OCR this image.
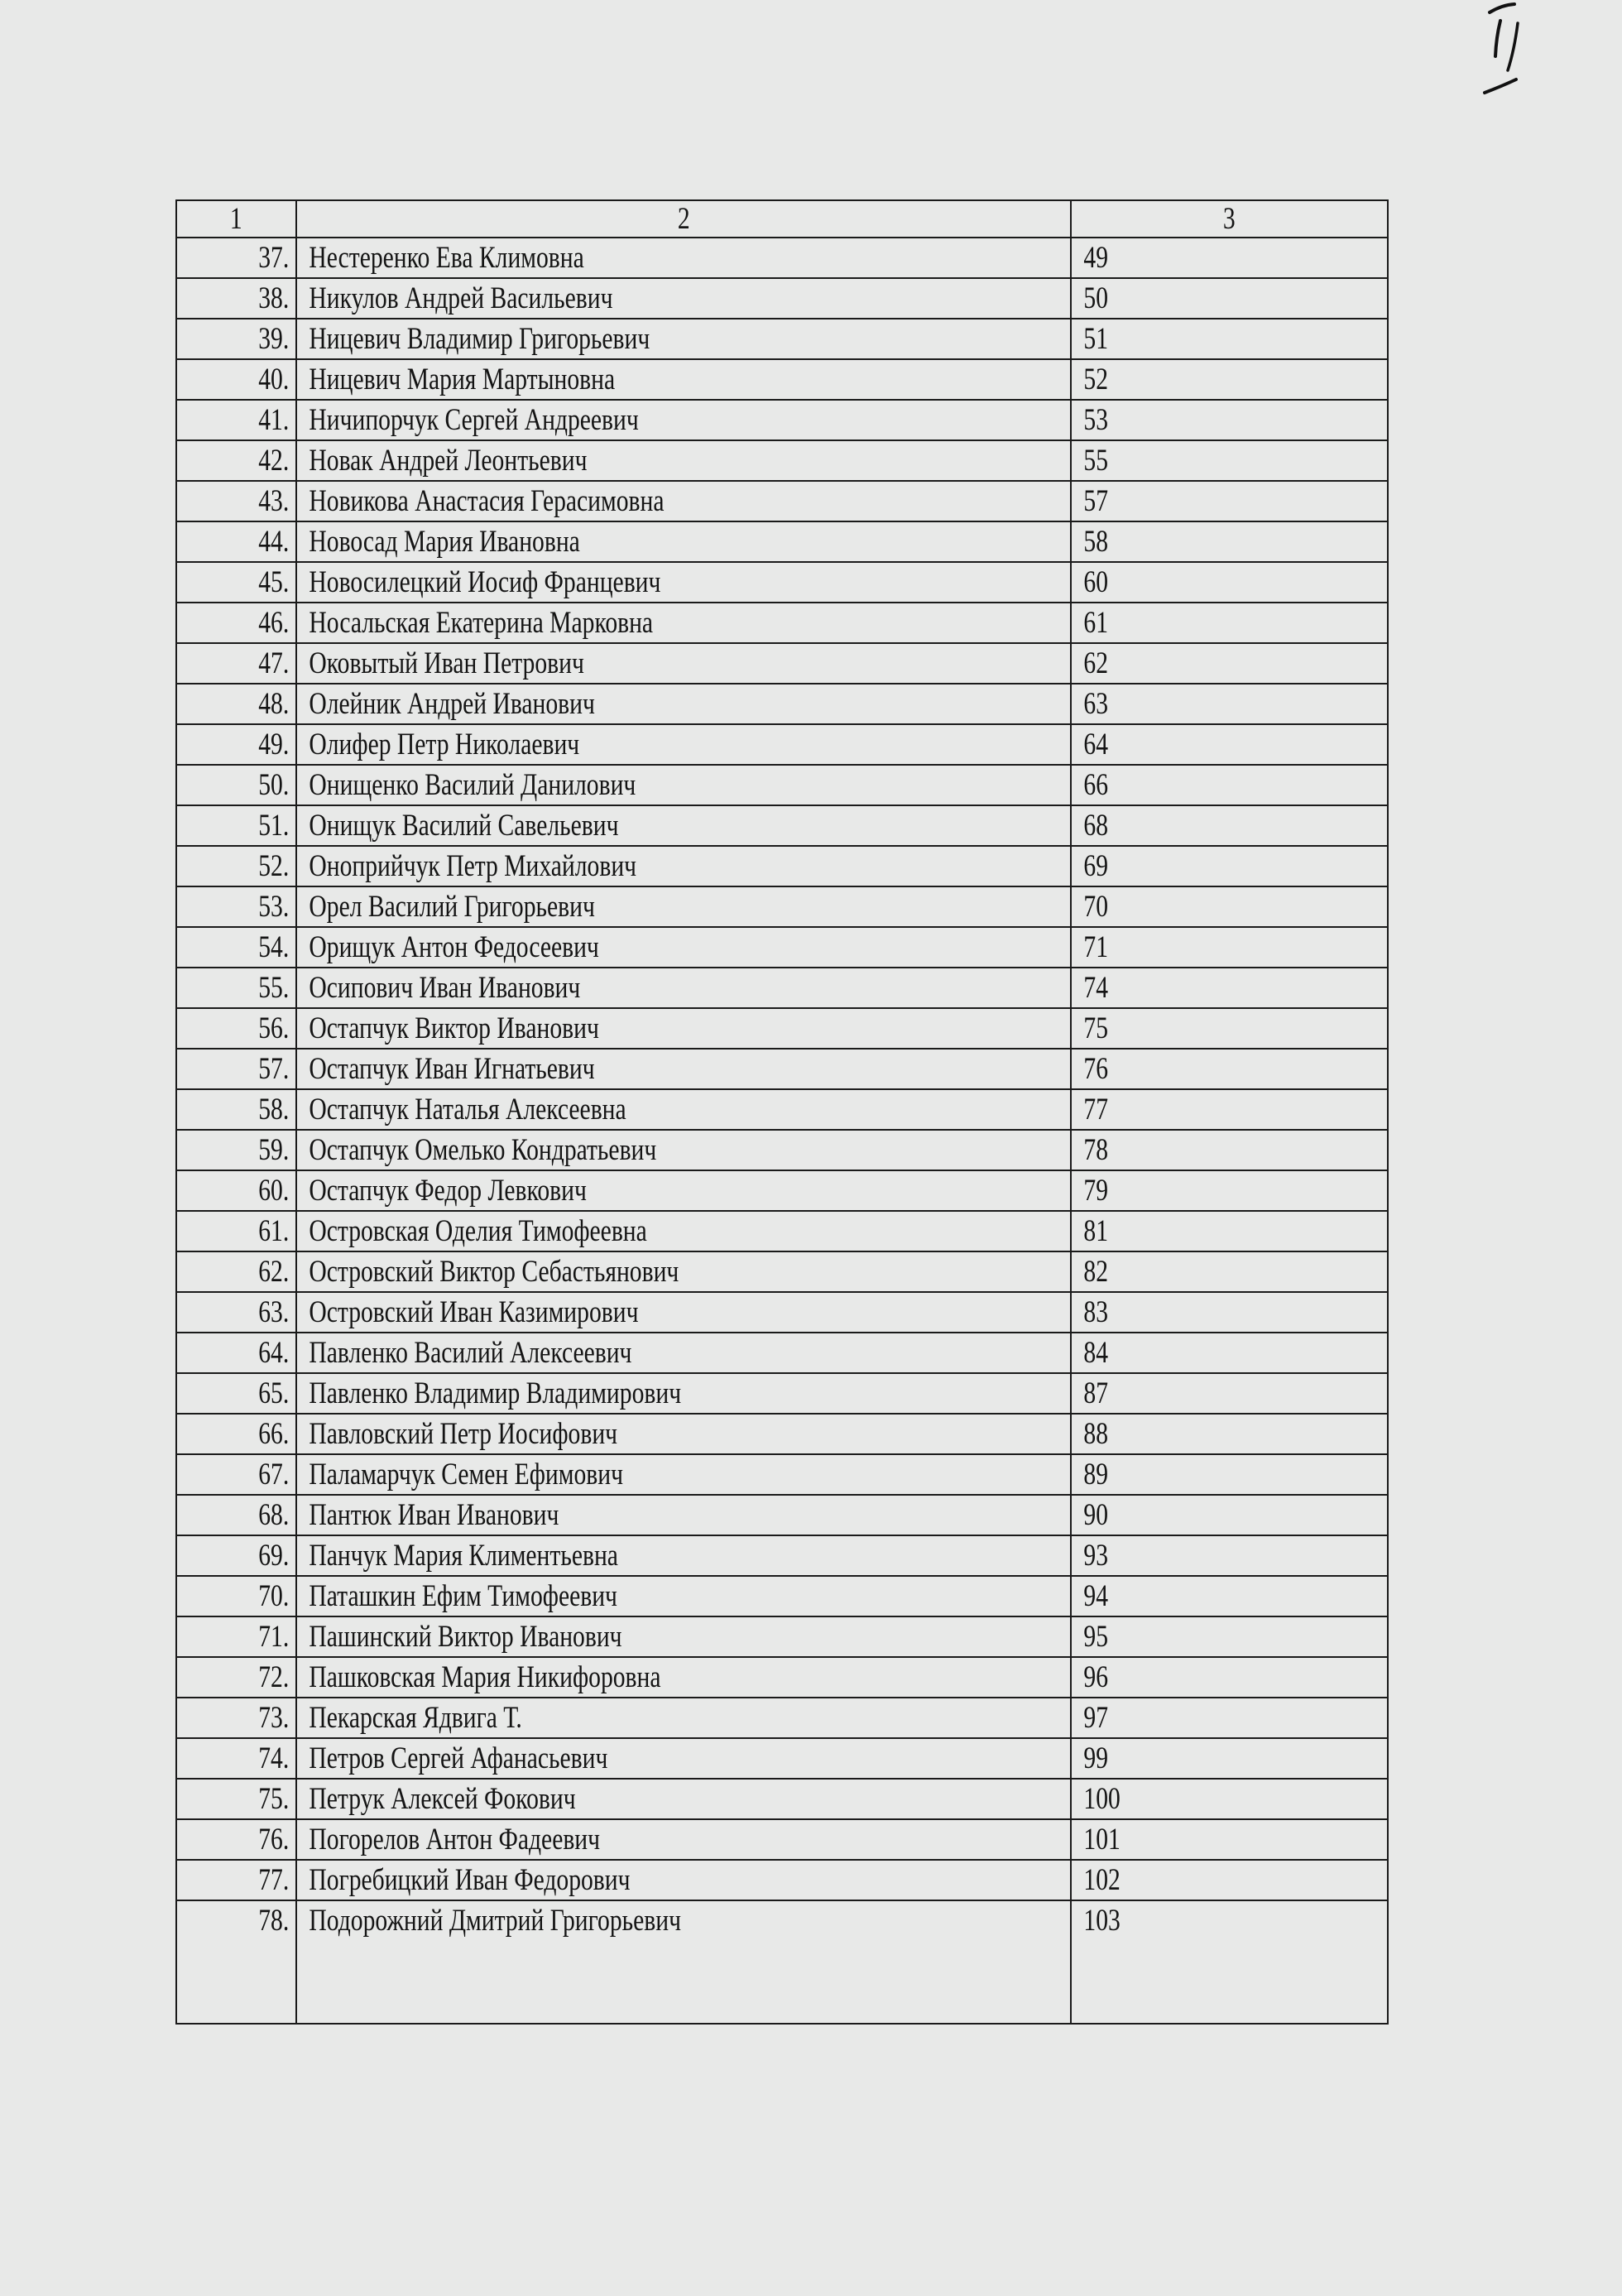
1	2	3
37.	Нестеренко Ева Климовна	49
38.	Никулов Андрей Васильевич	50
39.	Ницевич Владимир Григорьевич	51
40.	Ницевич Мария Мартыновна	52
41.	Ничипорчук Сергей Андреевич	53
42.	Новак Андрей Леонтьевич	55
43.	Новикова Анастасия Герасимовна	57
44.	Новосад Мария Ивановна	58
45.	Новосилецкий Иосиф Францевич	60
46.	Носальская Екатерина Марковна	61
47.	Оковытый Иван Петрович	62
48.	Олейник Андрей Иванович	63
49.	Олифер Петр Николаевич	64
50.	Онищенко Василий Данилович	66
51.	Онищук Василий Савельевич	68
52.	Оноприйчук Петр Михайлович	69
53.	Орел Василий Григорьевич	70
54.	Орищук Антон Федосеевич	71
55.	Осипович Иван Иванович	74
56.	Остапчук Виктор Иванович	75
57.	Остапчук Иван Игнатьевич	76
58.	Остапчук Наталья Алексеевна	77
59.	Остапчук Омелько Кондратьевич	78
60.	Остапчук Федор Левкович	79
61.	Островская Оделия Тимофеевна	81
62.	Островский Виктор Себастьянович	82
63.	Островский Иван Казимирович	83
64.	Павленко Василий Алексеевич	84
65.	Павленко Владимир Владимирович	87
66.	Павловский Петр Иосифович	88
67.	Паламарчук Семен Ефимович	89
68.	Пантюк Иван Иванович	90
69.	Панчук Мария Климентьевна	93
70.	Паташкин Ефим Тимофеевич	94
71.	Пашинский Виктор Иванович	95
72.	Пашковская Мария Никифоровна	96
73.	Пекарская Ядвига Т.	97
74.	Петров Сергей Афанасьевич	99
75.	Петрук Алексей Фокович	100
76.	Погорелов Антон Фадеевич	101
77.	Погребицкий Иван Федорович	102
78.	Подорожний Дмитрий Григорьевич	103
